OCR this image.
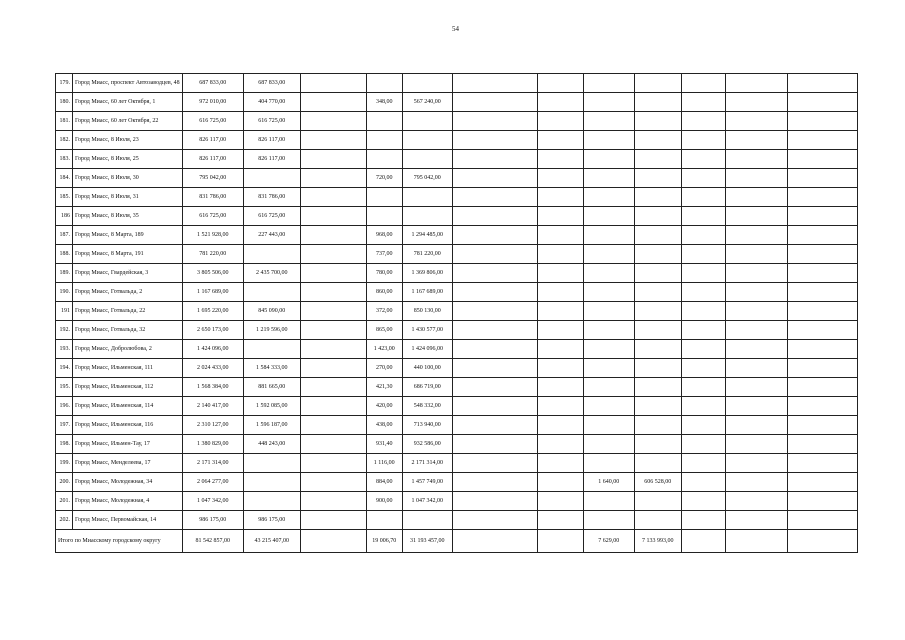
54
179.	Город Миасс, проспект Автозаводцев, 48	687 833,00	687 833,00										
180.	Город Миасс, 60 лет Октября, 1	972 010,00	404 770,00		348,00	567 240,00							
181.	Город Миасс, 60 лет Октября, 22	616 725,00	616 725,00										
182.	Город Миасс, 8 Июля, 23	826 117,00	826 117,00										
183.	Город Миасс, 8 Июля, 25	826 117,00	826 117,00										
184.	Город Миасс, 8 Июля, 30	795 042,00			720,00	795 042,00							
185.	Город Миасс, 8 Июля, 31	831 786,00	831 786,00										
186	Город Миасс, 8 Июля, 35	616 725,00	616 725,00										
187.	Город Миасс, 8 Марта, 189	1 521 928,00	227 443,00		968,00	1 294 485,00							
188.	Город Миасс, 8 Марта, 191	781 220,00			737,00	781 220,00							
189.	Город Миасс, Гвардейская, 3	3 805 506,00	2 435 700,00		780,00	1 369 806,00							
190.	Город Миасс, Готвальда, 2	1 167 689,00			860,00	1 167 689,00							
191	Город Миасс, Готвальда, 22	1 695 220,00	845 090,00		372,00	850 130,00							
192.	Город Миасс, Готвальда, 32	2 650 173,00	1 219 596,00		865,00	1 430 577,00							
193.	Город Миасс, Добролюбова, 2	1 424 096,00			1 423,00	1 424 096,00							
194.	Город Миасс, Ильменская, 111	2 024 433,00	1 584 333,00		270,00	440 100,00							
195.	Город Миасс, Ильменская, 112	1 568 384,00	881 665,00		421,30	686 719,00							
196.	Город Миасс, Ильменская, 114	2 140 417,00	1 592 085,00		420,00	548 332,00							
197.	Город Миасс, Ильменская, 116	2 310 127,00	1 596 187,00		438,00	713 940,00							
198.	Город Миасс, Ильмен-Тау, 17	1 380 829,00	448 243,00		931,40	932 586,00							
199.	Город Миасс, Менделеева, 17	2 171 314,00			1 116,00	2 171 314,00							
200.	Город Миасс, Молодежная, 34	2 064 277,00			884,00	1 457 749,00			1 640,00	606 528,00			
201.	Город Миасс, Молодежная, 4	1 047 342,00			900,00	1 047 342,00							
202.	Город Миасс, Первомайская, 14	986 175,00	986 175,00										
Итого по Миасскому городскому округу		81 542 857,00	43 215 407,00		19 006,70	31 193 457,00			7 629,00	7 133 993,00			
